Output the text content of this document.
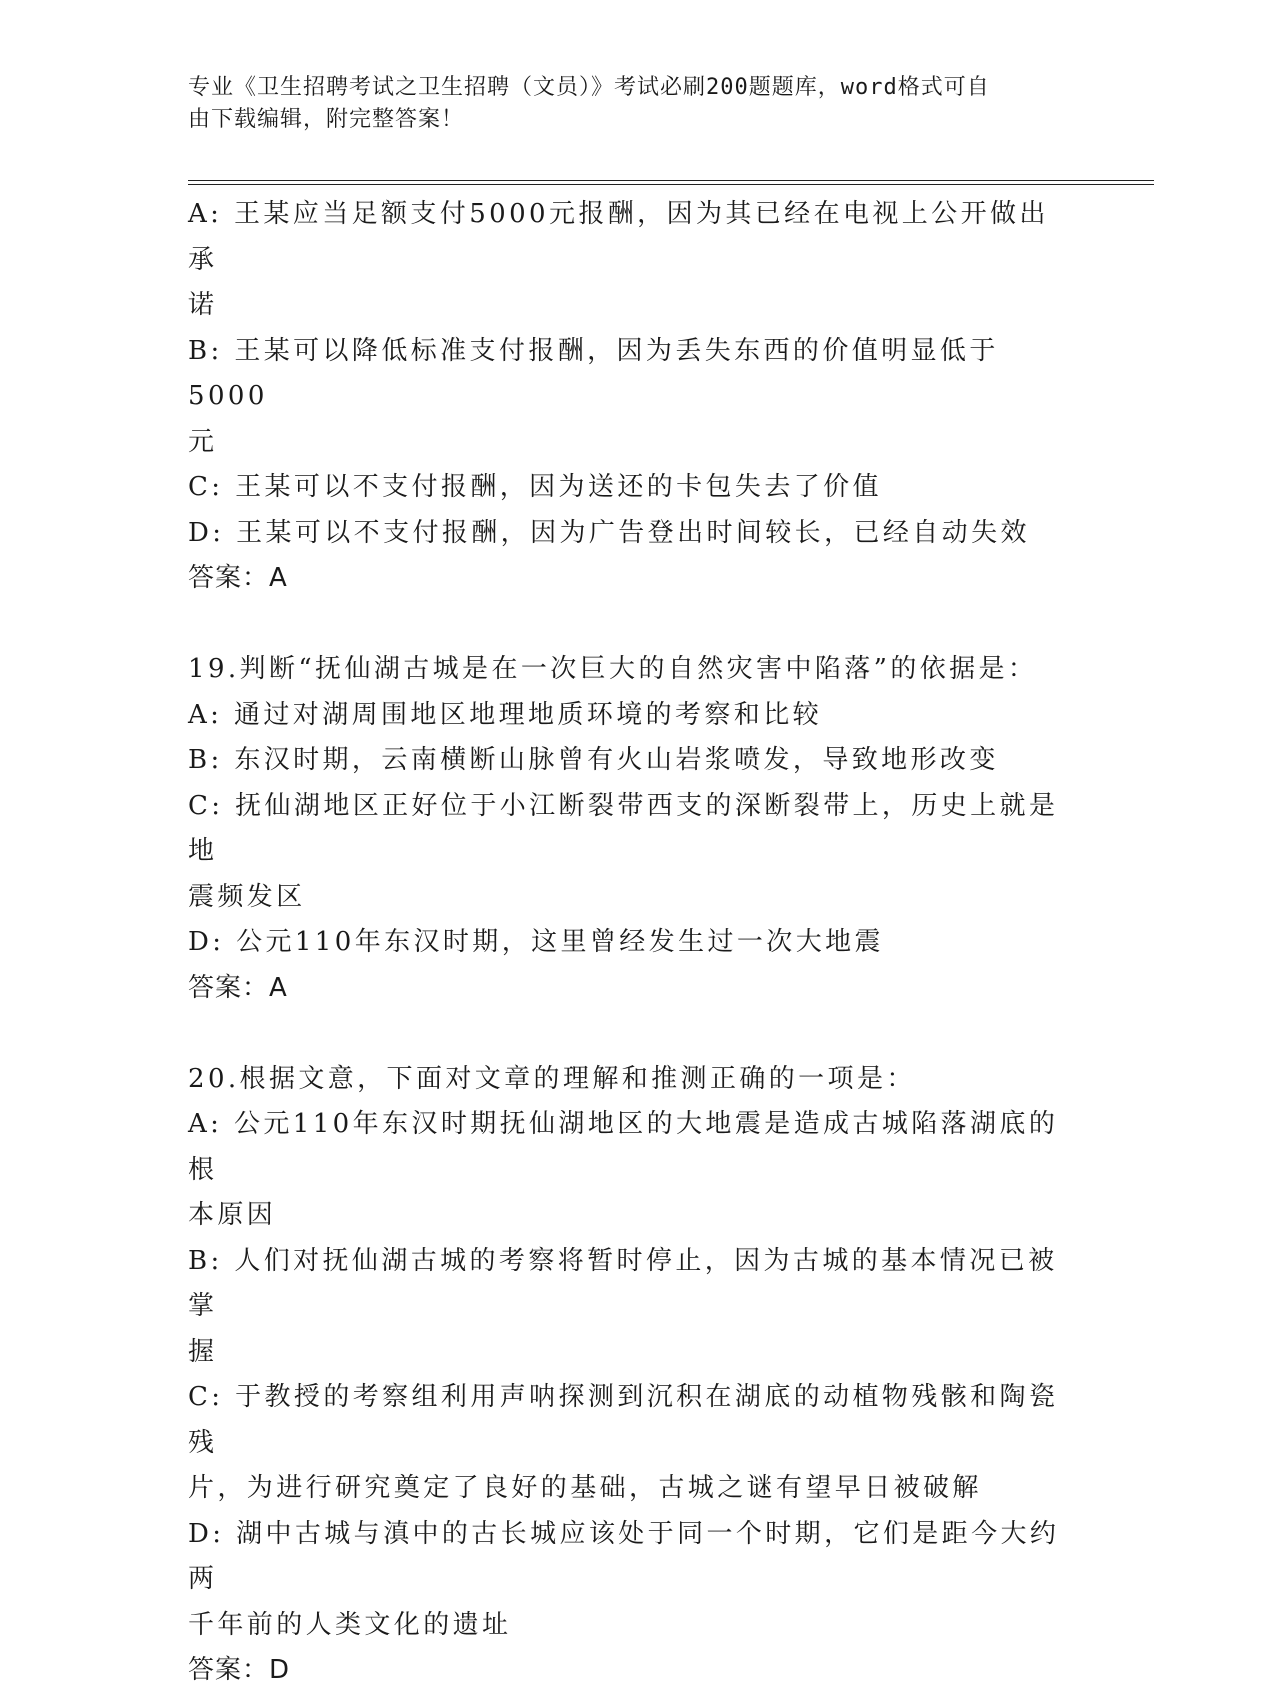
专业《卫生招聘考试之卫生招聘（文员）》考试必刷200题题库，word格式可自
由下载编辑，附完整答案！
A: 王某应当足额支付5000元报酬，因为其已经在电视上公开做出承
诺
B: 王某可以降低标准支付报酬，因为丢失东西的价值明显低于5000
元
C: 王某可以不支付报酬，因为送还的卡包失去了价值
D: 王某可以不支付报酬，因为广告登出时间较长，已经自动失效
答案：A
19.判断“抚仙湖古城是在一次巨大的自然灾害中陷落”的依据是：
A: 通过对湖周围地区地理地质环境的考察和比较
B: 东汉时期，云南横断山脉曾有火山岩浆喷发，导致地形改变
C: 抚仙湖地区正好位于小江断裂带西支的深断裂带上，历史上就是地
震频发区
D: 公元110年东汉时期，这里曾经发生过一次大地震
答案：A
20.根据文意，下面对文章的理解和推测正确的一项是：
A: 公元110年东汉时期抚仙湖地区的大地震是造成古城陷落湖底的根
本原因
B: 人们对抚仙湖古城的考察将暂时停止，因为古城的基本情况已被掌
握
C: 于教授的考察组利用声呐探测到沉积在湖底的动植物残骸和陶瓷残
片，为进行研究奠定了良好的基础，古城之谜有望早日被破解
D: 湖中古城与滇中的古长城应该处于同一个时期，它们是距今大约两
千年前的人类文化的遗址
答案：D
